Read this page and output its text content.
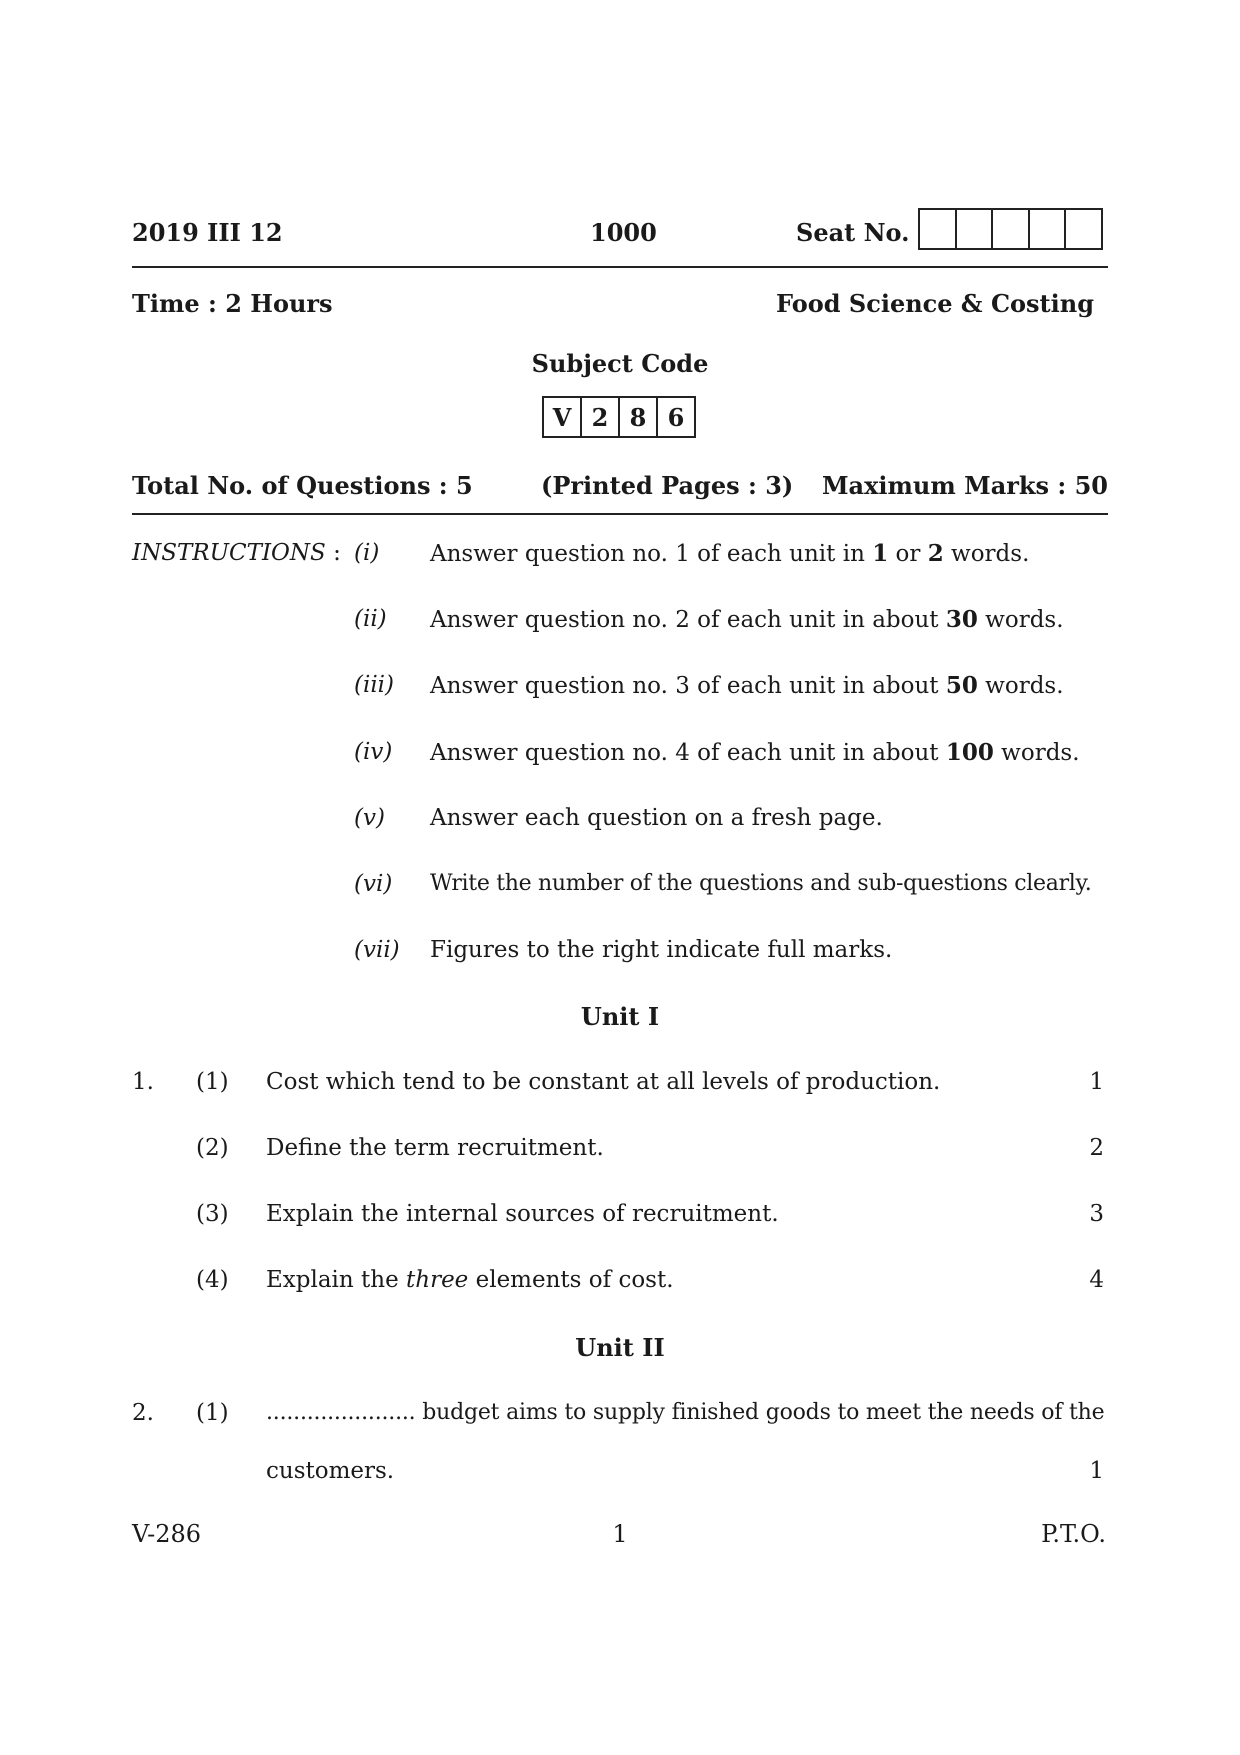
2019 III 12	1000	Seat No.
Time : 2 Hours	Food Science & Costing
Subject Code
V 2 8 6
Total No. of Questions : 5	(Printed Pages : 3) Maximum Marks : 50
INSTRUCTIONS : (i) Answer question no. 1 of each unit in 1 or 2 words.
(ii) Answer question no. 2 of each unit in about 30 words.
(iii) Answer question no. 3 of each unit in about 50 words.
(iv) Answer question no. 4 of each unit in about 100 words.
(v) Answer each question on a fresh page.
(vi) Write the number of the questions and sub-questions clearly.
(vii) Figures to the right indicate full marks.
Unit I
1. (1) Cost which tend to be constant at all levels of production.	1
(2) Define the term recruitment.	2
(3) Explain the internal sources of recruitment.	3
(4) Explain the three elements of cost.	4
Unit II
2. (1) ...................... budget aims to supply finished goods to meet the needs of the
customers.	1
V-286	1	P.T.O.
